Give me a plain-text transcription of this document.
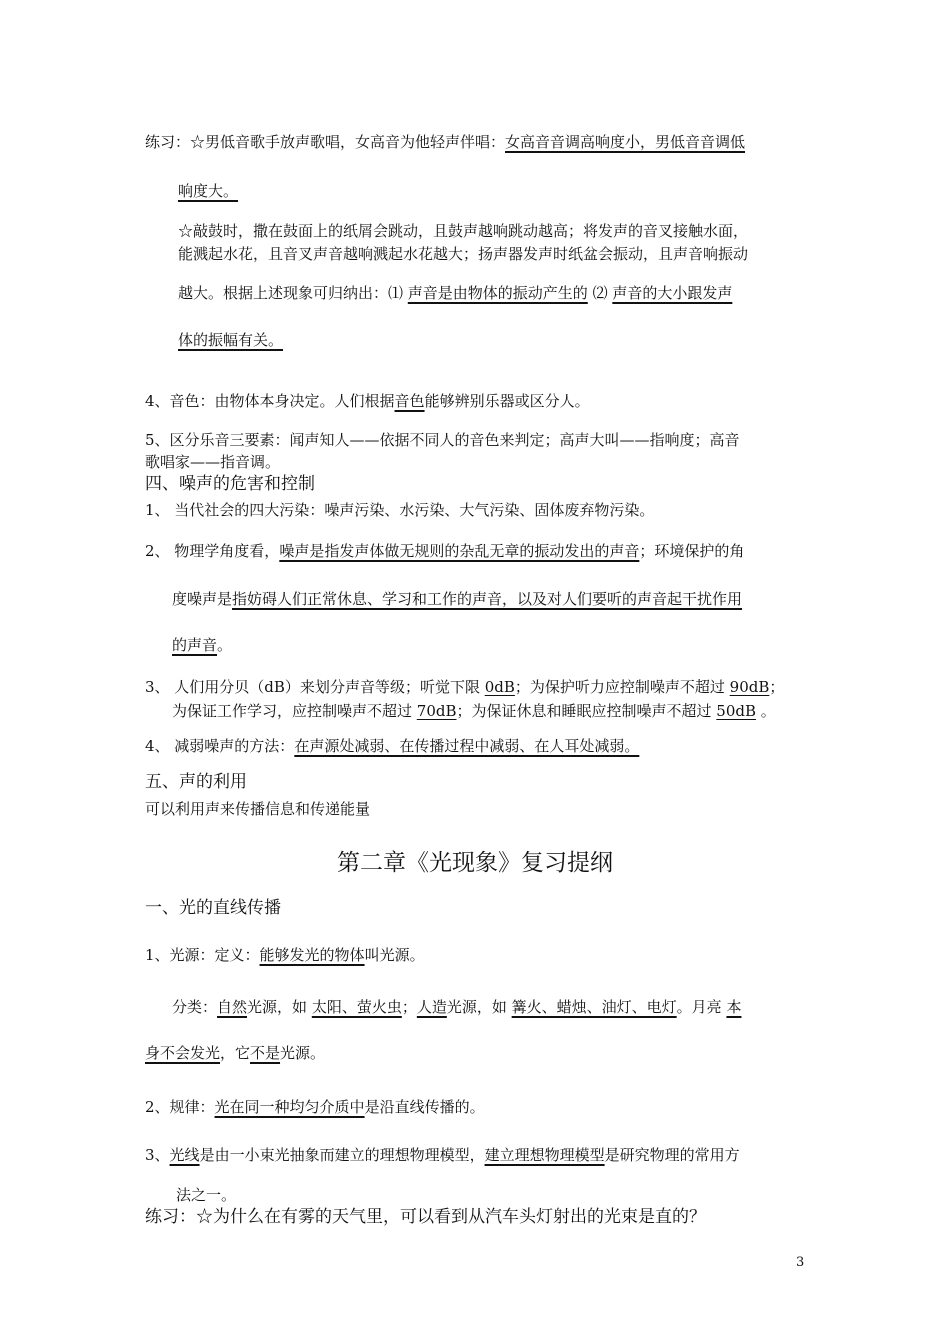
练习：☆男低音歌手放声歌唱，女高音为他轻声伴唱：女高音音调高响度小，男低音音调低
响度大。
☆敲鼓时，撒在鼓面上的纸屑会跳动，且鼓声越响跳动越高；将发声的音叉接触水面，
能溅起水花，且音叉声音越响溅起水花越大；扬声器发声时纸盆会振动，且声音响振动
越大。根据上述现象可归纳出：⑴ 声音是由物体的振动产生的 ⑵ 声音的大小跟发声
体的振幅有关。
4、音色：由物体本身决定。人们根据音色能够辨别乐器或区分人。
5、区分乐音三要素：闻声知人——依据不同人的音色来判定；高声大叫——指响度；高音
歌唱家——指音调。
四、噪声的危害和控制
1、 当代社会的四大污染：噪声污染、水污染、大气污染、固体废弃物污染。
2、 物理学角度看，噪声是指发声体做无规则的杂乱无章的振动发出的声音；环境保护的角
度噪声是指妨碍人们正常休息、学习和工作的声音，以及对人们要听的声音起干扰作用
的声音。
3、 人们用分贝（dB）来划分声音等级；听觉下限 0dB；为保护听力应控制噪声不超过 90dB；
为保证工作学习，应控制噪声不超过 70dB；为保证休息和睡眠应控制噪声不超过 50dB 。
4、 减弱噪声的方法：在声源处减弱、在传播过程中减弱、在人耳处减弱。
五、声的利用
可以利用声来传播信息和传递能量
第二章《光现象》复习提纲
一、光的直线传播
1、光源：定义：能够发光的物体叫光源。
分类：自然光源，如 太阳、萤火虫；人造光源，如 篝火、蜡烛、油灯、电灯。月亮 本
身不会发光，它不是光源。
2、规律：光在同一种均匀介质中是沿直线传播的。
3、光线是由一小束光抽象而建立的理想物理模型，建立理想物理模型是研究物理的常用方
法之一。
练习：☆为什么在有雾的天气里，可以看到从汽车头灯射出的光束是直的？
3
